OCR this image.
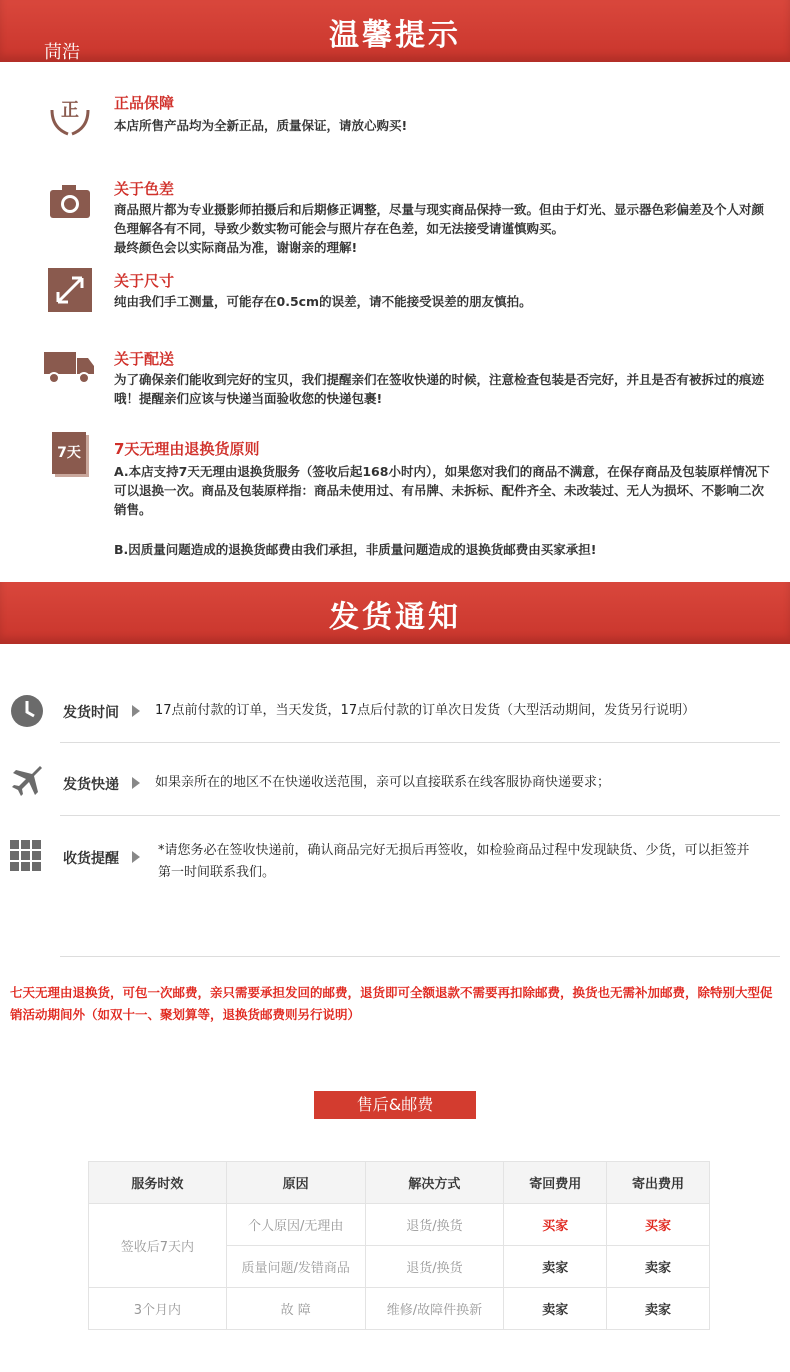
温馨提示
茼浩
正 正品保障
本店所售产品均为全新正品，质量保证，请放心购买!
关于色差
商品照片都为专业摄影师拍摄后和后期修正调整，尽量与现实商品保持一致。但由于灯光、显示器色彩偏差及个人对颜色理解各有不同，导致少数实物可能会与照片存在色差，如无法接受请谨慎购买。
最终颜色会以实际商品为准，谢谢亲的理解!
关于尺寸
纯由我们手工测量，可能存在0.5cm的误差，请不能接受误差的朋友慎拍。
关于配送
为了确保亲们能收到完好的宝贝，我们提醒亲们在签收快递的时候，注意检查包装是否完好，并且是否有被拆过的痕迹哦！提醒亲们应该与快递当面验收您的快递包裹!
7天	7天无理由退换货原则
A.本店支持7天无理由退换货服务（签收后起168小时内），如果您对我们的商品不满意，在保存商品及包装原样情况下可以退换一次。商品及包装原样指：商品未使用过、有吊牌、未拆标、配件齐全、未改装过、无人为损坏、不影响二次销售。
B.因质量问题造成的退换货邮费由我们承担，非质量问题造成的退换货邮费由买家承担!
发货通知
发货时间	17点前付款的订单，当天发货，17点后付款的订单次日发货（大型活动期间，发货另行说明）
发货快递	如果亲所在的地区不在快递收送范围，亲可以直接联系在线客服协商快递要求；
收货提醒
*请您务必在签收快递前，确认商品完好无损后再签收，如检验商品过程中发现缺货、少货，可以拒签并第一时间联系我们。
七天无理由退换货，可包一次邮费，亲只需要承担发回的邮费，退货即可全额退款不需要再扣除邮费，换货也无需补加邮费，除特别大型促销活动期间外（如双十一、聚划算等，退换货邮费则另行说明）
售后&邮费
服务时效	原因	解决方式	寄回费用	寄出费用
签收后7天内	个人原因/无理由	退货/换货	买家	买家
	质量问题/发错商品	退货/换货	卖家	卖家
3个月内	故 障	维修/故障件换新	卖家	卖家
